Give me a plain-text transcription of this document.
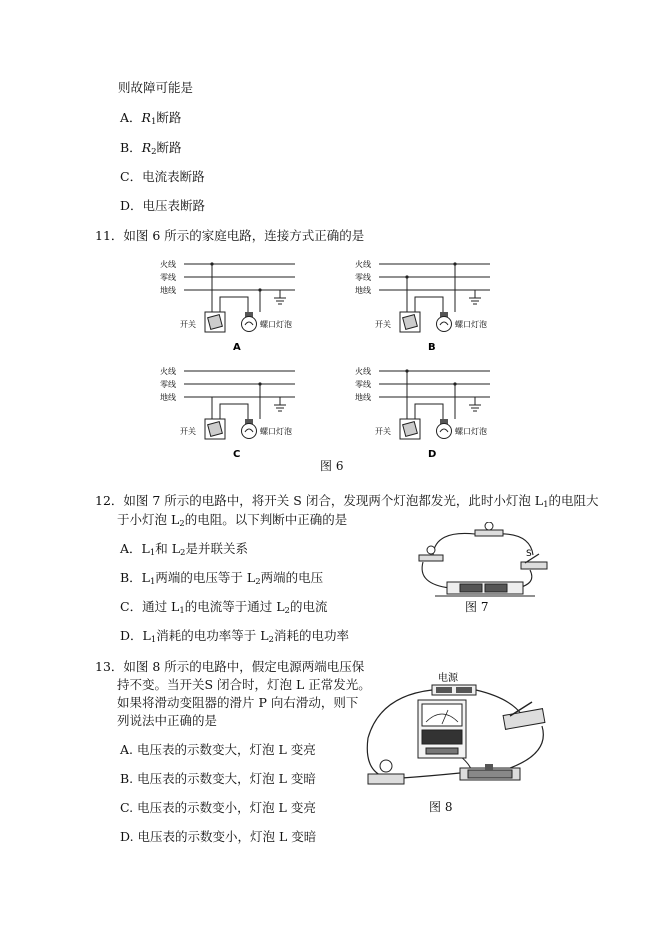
则故障可能是
A．$R_1$断路
B．$R_2$断路
C．电流表断路
D．电压表断路
11．如图 6 所示的家庭电路，连接方式正确的是
火线
零线
地线
开关	螺口灯泡
A
火线
零线
地线
开关	螺口灯泡
B
火线
零线
地线
开关	螺口灯泡
C
火线
零线
地线
开关	螺口灯泡
D
图 6
12．如图 7 所示的电路中，将开关 S 闭合，发现两个灯泡都发光，此时小灯泡 $L_1$的电阻大
于小灯泡 $L_2$的电阻。以下判断中正确的是
A．$L_1$和 $L_2$是并联关系
B．$L_1$两端的电压等于 $L_2$两端的电压
C．通过 $L_1$的电流等于通过 $L_2$的电流
D．$L_1$消耗的电功率等于 $L_2$消耗的电功率
S
图 7
13．如图 8 所示的电路中，假定电源两端电压保
持不变。当开关S 闭合时，灯泡 L 正常发光。
如果将滑动变阻器的滑片 P 向右滑动，则下
列说法中正确的是
A. 电压表的示数变大，灯泡 L 变亮
B. 电压表的示数变大，灯泡 L 变暗
C. 电压表的示数变小，灯泡 L 变亮
D. 电压表的示数变小，灯泡 L 变暗
电源
图 8
